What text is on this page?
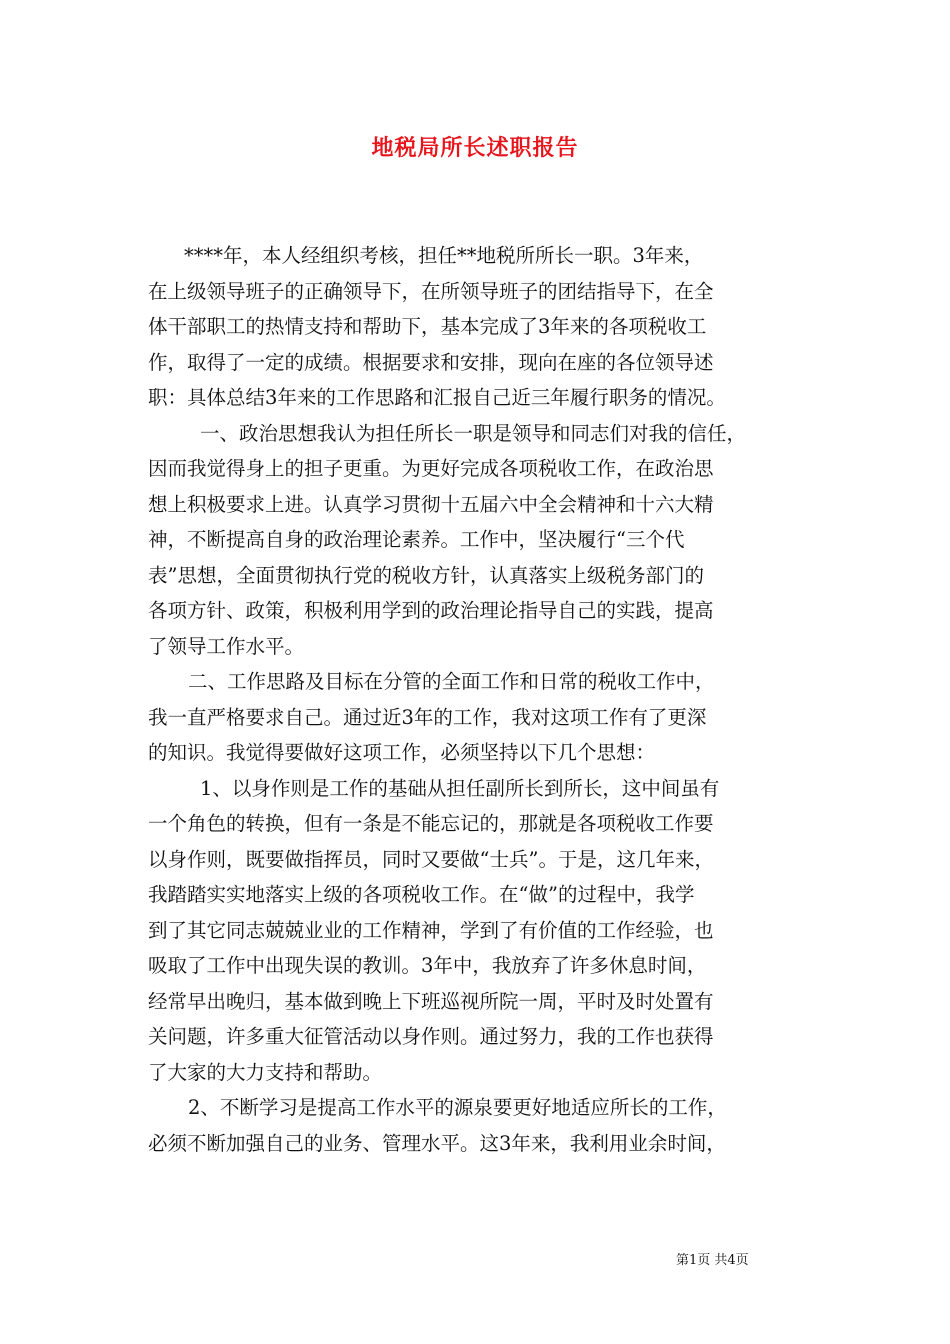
地税局所长述职报告
****年，本人经组织考核，担任**地税所所长一职。3年来，
在上级领导班子的正确领导下，在所领导班子的团结指导下，在全
体干部职工的热情支持和帮助下，基本完成了3年来的各项税收工
作，取得了一定的成绩。根据要求和安排，现向在座的各位领导述
职：具体总结3年来的工作思路和汇报自己近三年履行职务的情况。
一、政治思想我认为担任所长一职是领导和同志们对我的信任，
因而我觉得身上的担子更重。为更好完成各项税收工作，在政治思
想上积极要求上进。认真学习贯彻十五届六中全会精神和十六大精
神，不断提高自身的政治理论素养。工作中，坚决履行“三个代
表”思想，全面贯彻执行党的税收方针，认真落实上级税务部门的
各项方针、政策，积极利用学到的政治理论指导自己的实践，提高
了领导工作水平。
二、工作思路及目标在分管的全面工作和日常的税收工作中，
我一直严格要求自己。通过近3年的工作，我对这项工作有了更深
的知识。我觉得要做好这项工作，必须坚持以下几个思想：
1、以身作则是工作的基础从担任副所长到所长，这中间虽有
一个角色的转换，但有一条是不能忘记的，那就是各项税收工作要
以身作则，既要做指挥员，同时又要做“士兵”。于是，这几年来，
我踏踏实实地落实上级的各项税收工作。在“做”的过程中，我学
到了其它同志兢兢业业的工作精神，学到了有价值的工作经验，也
吸取了工作中出现失误的教训。3年中，我放弃了许多休息时间，
经常早出晚归，基本做到晚上下班巡视所院一周，平时及时处置有
关问题，许多重大征管活动以身作则。通过努力，我的工作也获得
了大家的大力支持和帮助。
2、不断学习是提高工作水平的源泉要更好地适应所长的工作，
必须不断加强自己的业务、管理水平。这3年来，我利用业余时间，
第1页 共4页
